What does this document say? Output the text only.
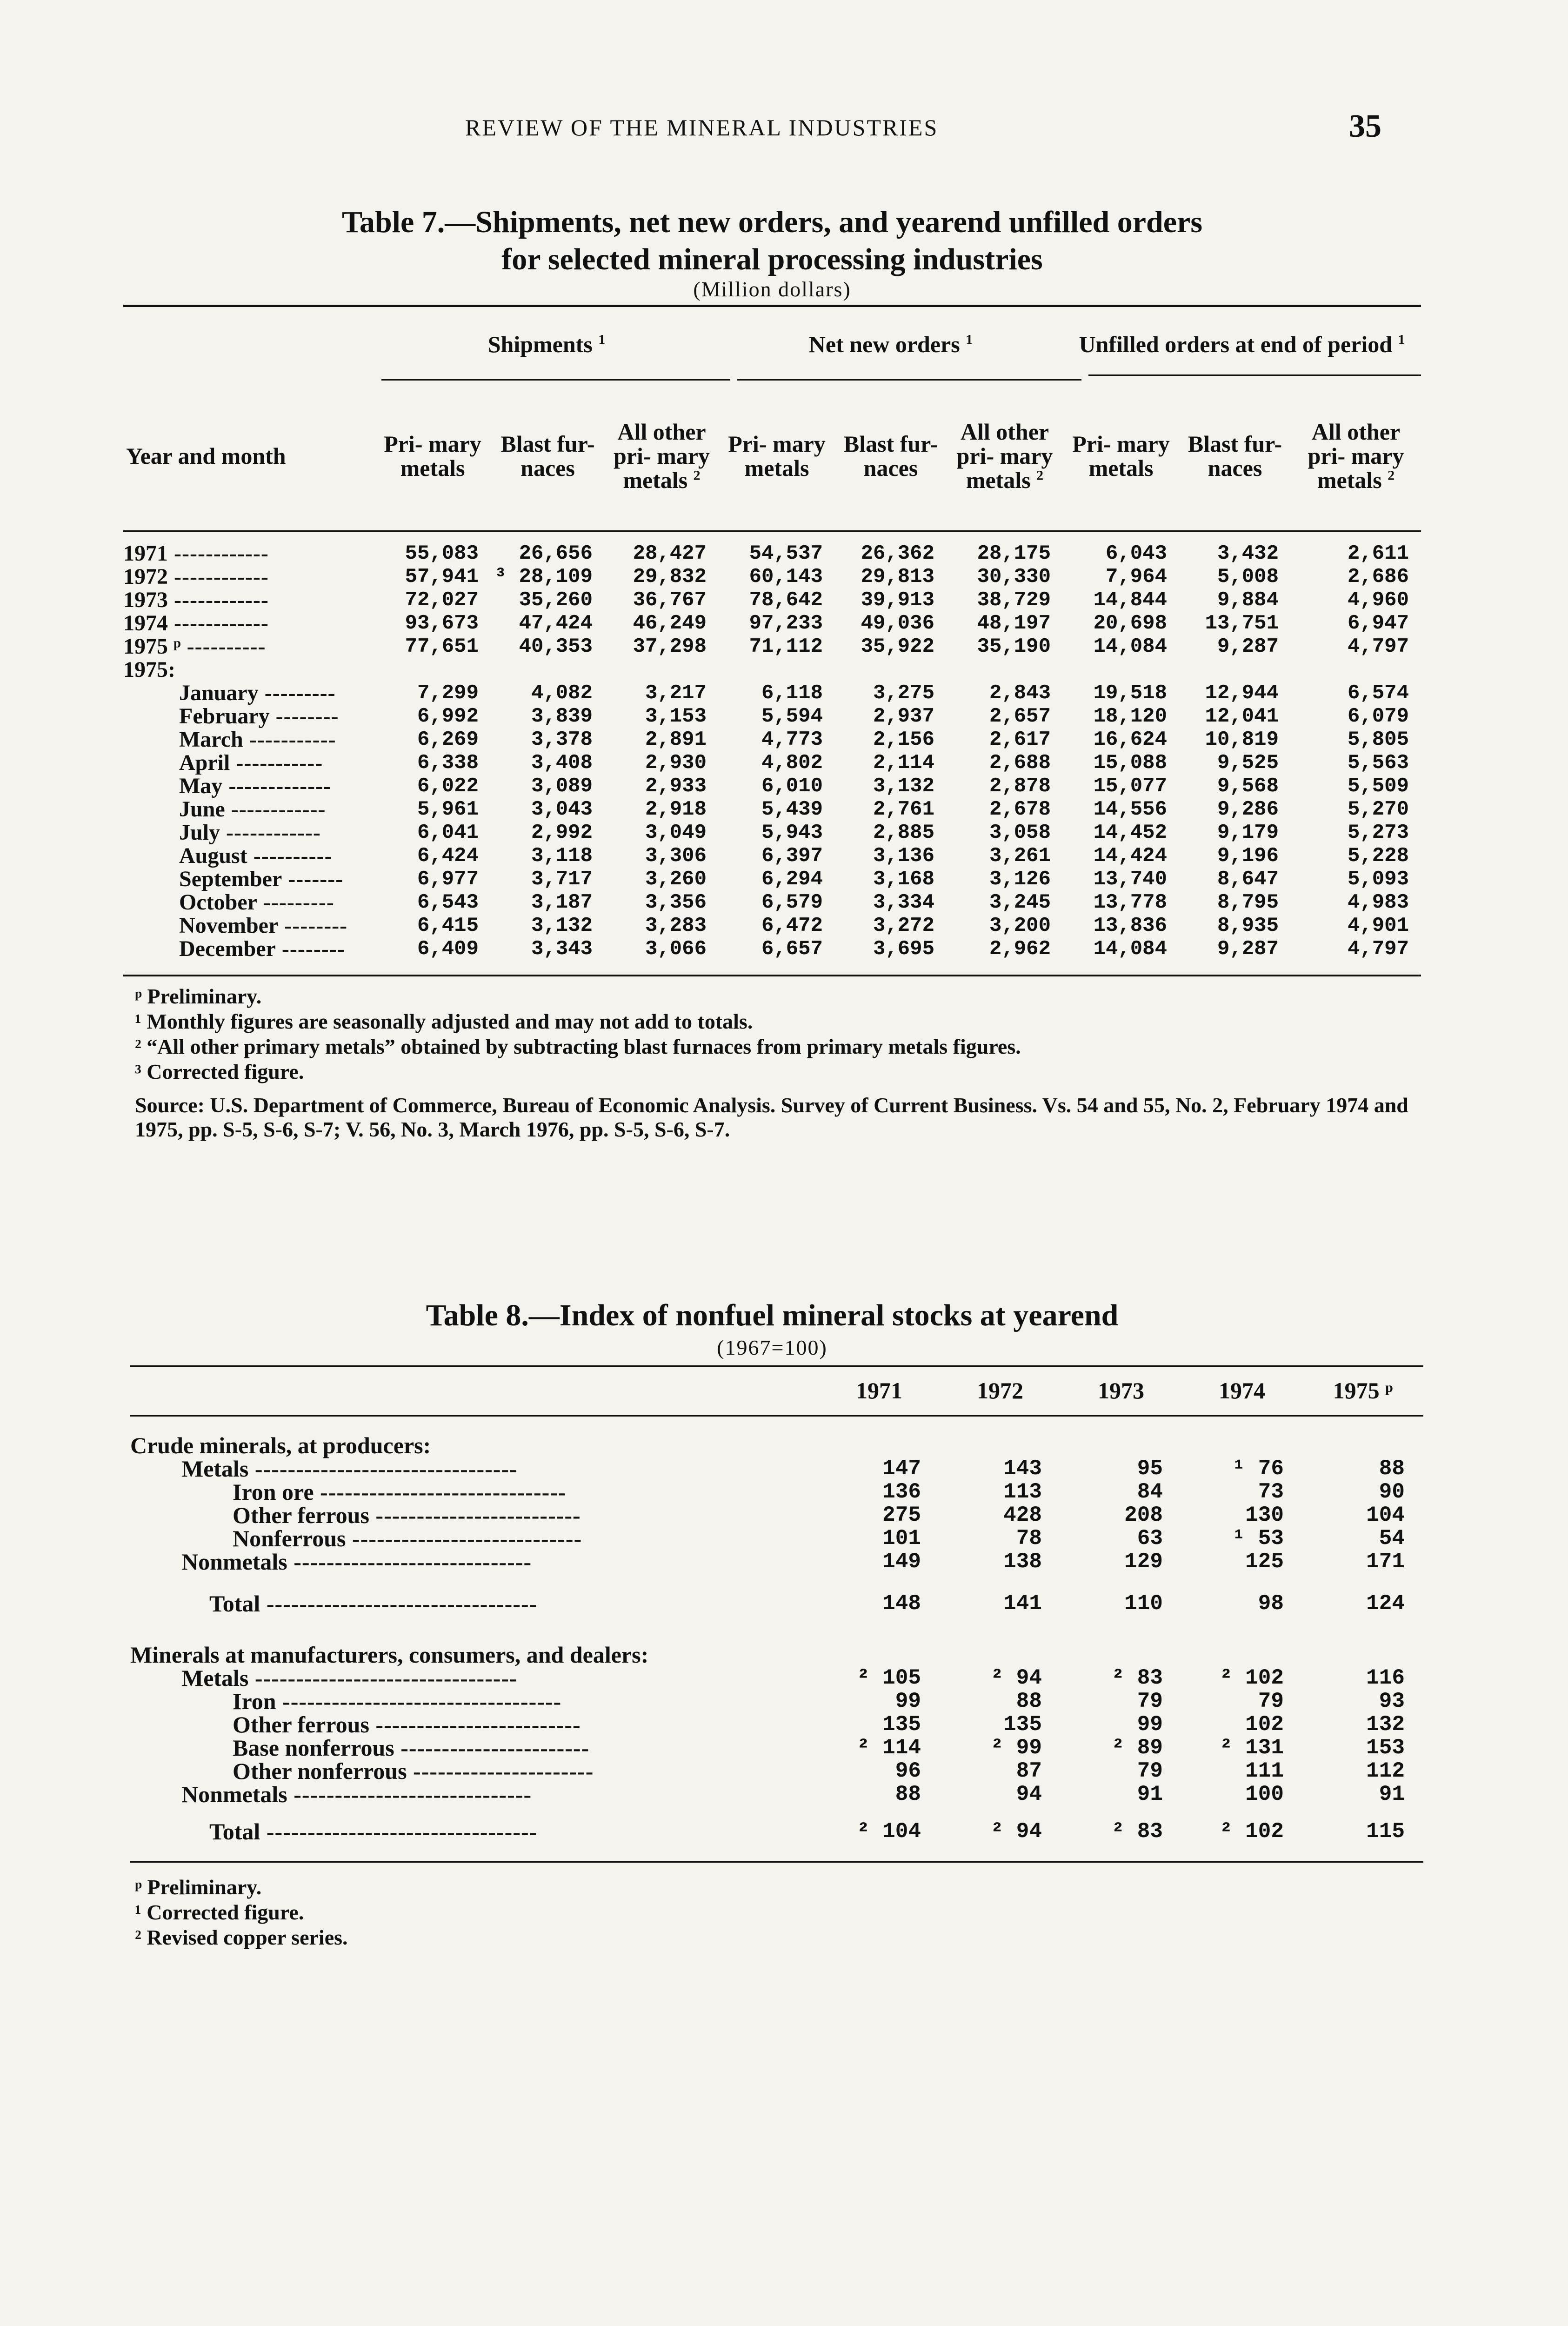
REVIEW OF THE MINERAL INDUSTRIES	35
Table 7.—Shipments, net new orders, and yearend unfilled orders
for selected mineral processing industries
(Million dollars)
	Shipments $^1$			Net new orders $^1$			Unfilled orders at end of period $^1$
Year and month	Pri- mary metals	Blast fur- naces	All other pri- mary metals $^2$	Pri- mary metals	Blast fur- naces	All other pri- mary metals $^2$	Pri- mary metals	Blast fur- naces	All other pri- mary metals $^2$

1971 ------------	55,083	26,656	28,427	54,537	26,362	28,175	6,043	3,432	2,611
1972 ------------	57,941	³ 28,109	29,832	60,143	29,813	30,330	7,964	5,008	2,686
1973 ------------	72,027	35,260	36,767	78,642	39,913	38,729	14,844	9,884	4,960
1974 ------------	93,673	47,424	46,249	97,233	49,036	48,197	20,698	13,751	6,947
1975 ᵖ ----------	77,651	40,353	37,298	71,112	35,922	35,190	14,084	9,287	4,797
1975:									
January ---------	7,299	4,082	3,217	6,118	3,275	2,843	19,518	12,944	6,574
February --------	6,992	3,839	3,153	5,594	2,937	2,657	18,120	12,041	6,079
March -----------	6,269	3,378	2,891	4,773	2,156	2,617	16,624	10,819	5,805
April -----------	6,338	3,408	2,930	4,802	2,114	2,688	15,088	9,525	5,563
May -------------	6,022	3,089	2,933	6,010	3,132	2,878	15,077	9,568	5,509
June ------------	5,961	3,043	2,918	5,439	2,761	2,678	14,556	9,286	5,270
July ------------	6,041	2,992	3,049	5,943	2,885	3,058	14,452	9,179	5,273
August ----------	6,424	3,118	3,306	6,397	3,136	3,261	14,424	9,196	5,228
September -------	6,977	3,717	3,260	6,294	3,168	3,126	13,740	8,647	5,093
October ---------	6,543	3,187	3,356	6,579	3,334	3,245	13,778	8,795	4,983
November --------	6,415	3,132	3,283	6,472	3,272	3,200	13,836	8,935	4,901
December --------	6,409	3,343	3,066	6,657	3,695	2,962	14,084	9,287	4,797
ᵖ Preliminary.
¹ Monthly figures are seasonally adjusted and may not add to totals.
² “All other primary metals” obtained by subtracting blast furnaces from primary metals figures.
³ Corrected figure.
Source: U.S. Department of Commerce, Bureau of Economic Analysis. Survey of Current Business. Vs. 54 and 55, No. 2, February 1974 and 1975, pp. S-5, S-6, S-7; V. 56, No. 3, March 1976, pp. S-5, S-6, S-7.
Table 8.—Index of nonfuel mineral stocks at yearend
(1967=100)
	1971	1972	1973	1974	1975 ᵖ

Crude minerals, at producers:					
Metals --------------------------------	147	143	95	¹ 76	88
Iron ore ------------------------------	136	113	84	73	90
Other ferrous -------------------------	275	428	208	130	104
Nonferrous ----------------------------	101	78	63	¹ 53	54
Nonmetals -----------------------------	149	138	129	125	171

Total ---------------------------------	148	141	110	98	124

Minerals at manufacturers, consumers, and dealers:					
Metals --------------------------------	² 105	² 94	² 83	² 102	116
Iron ----------------------------------	99	88	79	79	93
Other ferrous -------------------------	135	135	99	102	132
Base nonferrous -----------------------	² 114	² 99	² 89	² 131	153
Other nonferrous ----------------------	96	87	79	111	112
Nonmetals -----------------------------	88	94	91	100	91

Total ---------------------------------	² 104	² 94	² 83	² 102	115
ᵖ Preliminary.
¹ Corrected figure.
² Revised copper series.
